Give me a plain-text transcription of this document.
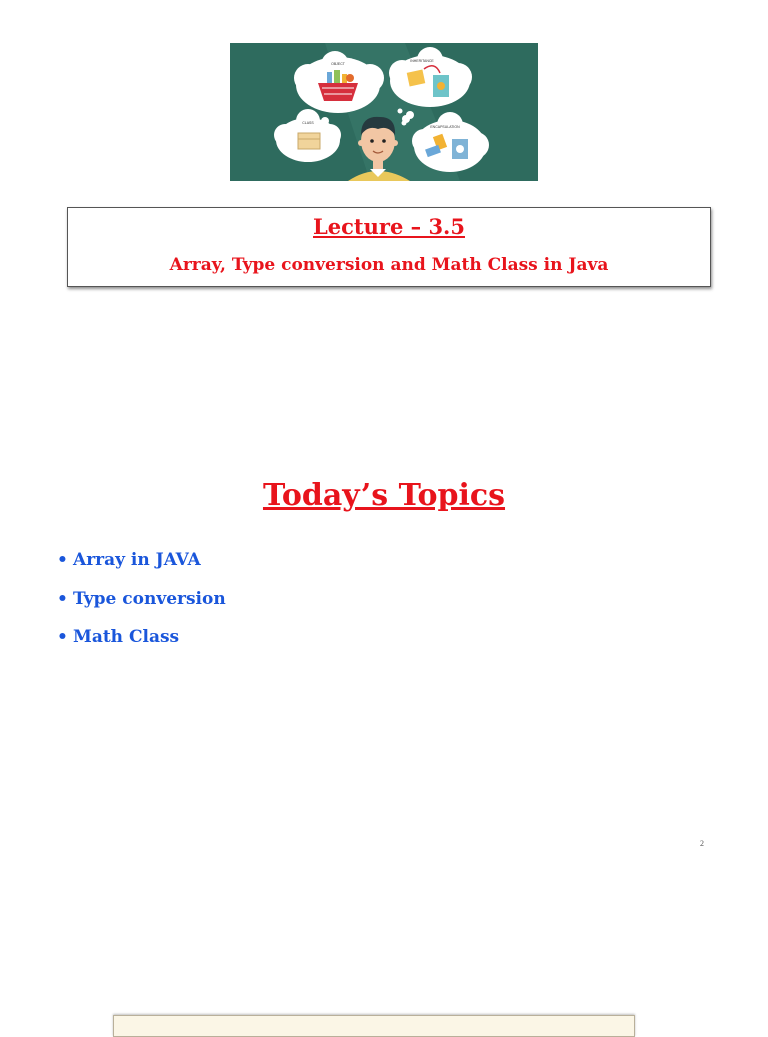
OBJECT
INHERITANCE
CLASS
ENCAPSULATION
Lecture – 3.5
Array, Type conversion and Math Class in Java
Today’s Topics
• Array in JAVA
• Type conversion
• Math Class
2
